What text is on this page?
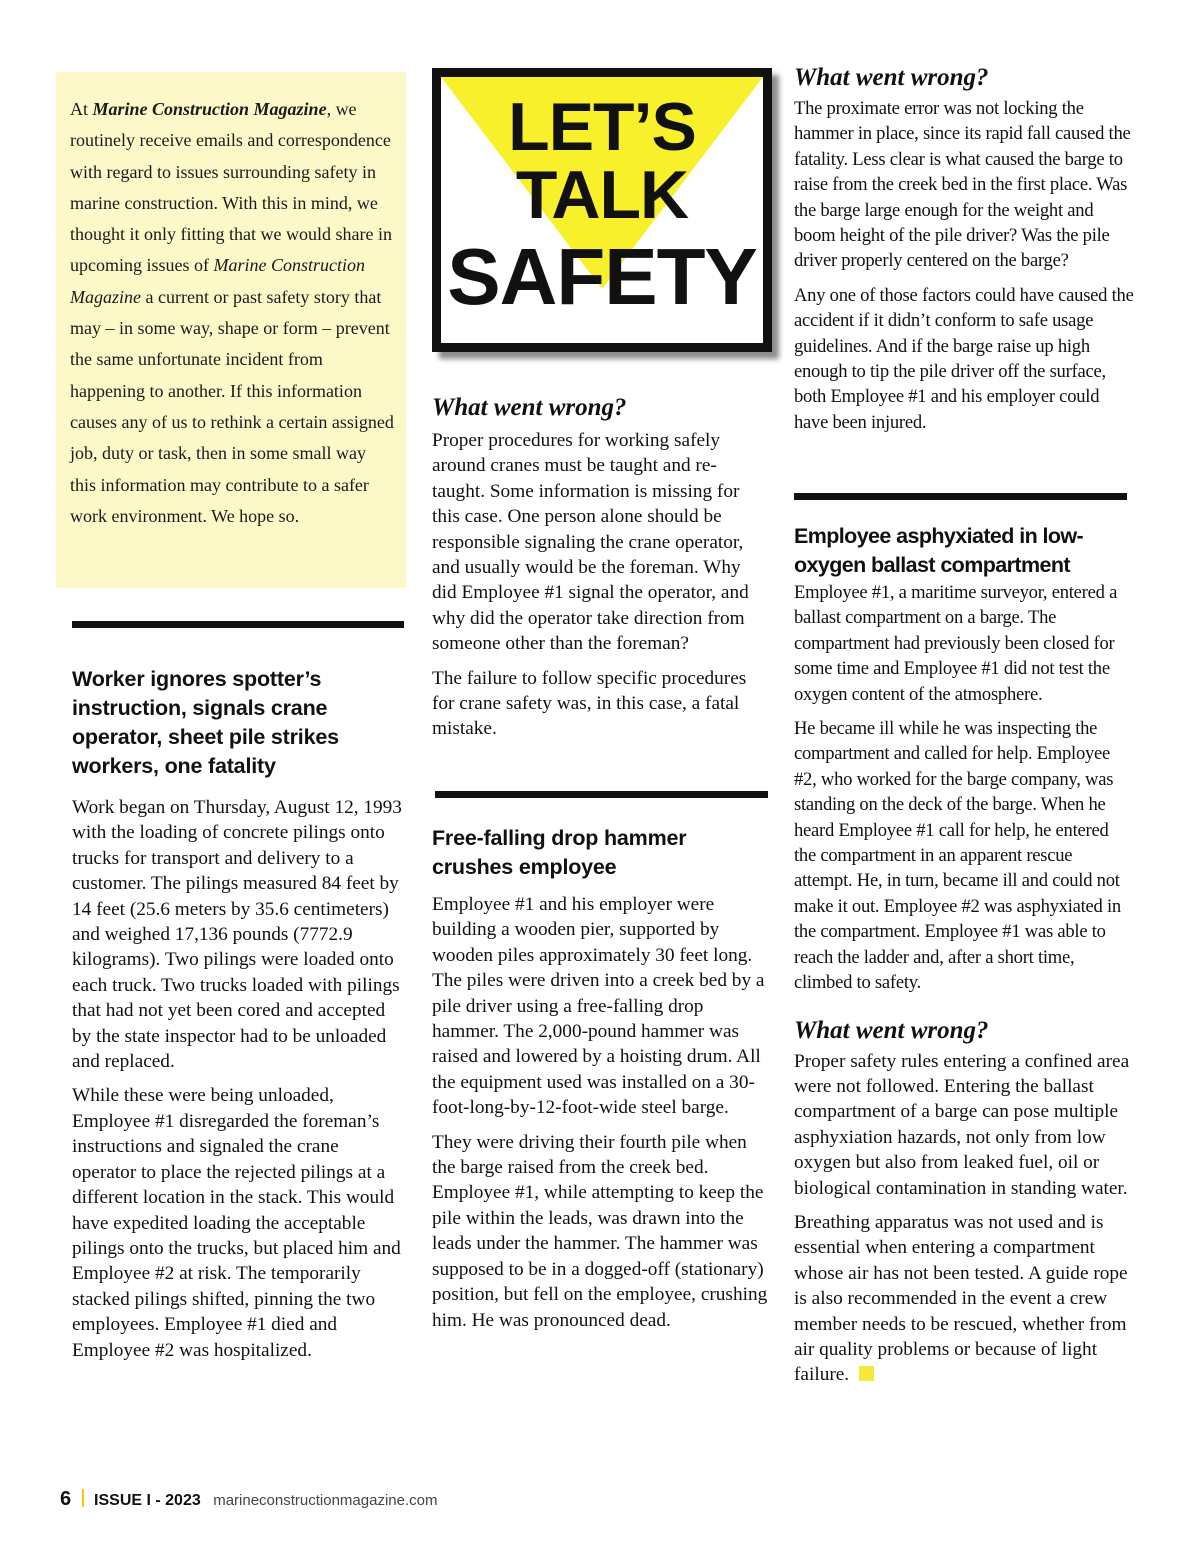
At Marine Construction Magazine, we routinely receive emails and correspondence with regard to issues surrounding safety in marine construction. With this in mind, we thought it only fitting that we would share in upcoming issues of Marine Construction Magazine a current or past safety story that may – in some way, shape or form – prevent the same unfortunate incident from happening to another. If this information causes any of us to rethink a certain assigned job, duty or task, then in some small way this information may contribute to a safer work environment. We hope so.

LET’S
TALK
SAFETY
Worker ignores spotter’s instruction, signals crane operator, sheet pile strikes workers, one fatality

Work began on Thursday, August 12, 1993 with the loading of concrete pilings onto trucks for transport and delivery to a customer. The pilings measured 84 feet by 14 feet (25.6 meters by 35.6 centimeters) and weighed 17,136 pounds (7772.9 kilograms). Two pilings were loaded onto each truck. Two trucks loaded with pilings that had not yet been cored and accepted by the state inspector had to be unloaded and replaced.

While these were being unloaded, Employee #1 disregarded the foreman’s instructions and signaled the crane operator to place the rejected pilings at a different location in the stack. This would have expedited loading the acceptable pilings onto the trucks, but placed him and Employee #2 at risk. The temporarily stacked pilings shifted, pinning the two employees. Employee #1 died and Employee #2 was hospitalized.

What went wrong?

Proper procedures for working safely around cranes must be taught and re-taught. Some information is missing for this case. One person alone should be responsible signaling the crane operator, and usually would be the foreman. Why did Employee #1 signal the operator, and why did the operator take direction from someone other than the foreman?

The failure to follow specific procedures for crane safety was, in this case, a fatal mistake.

Free-falling drop hammer crushes employee

Employee #1 and his employer were building a wooden pier, supported by wooden piles approximately 30 feet long. The piles were driven into a creek bed by a pile driver using a free-falling drop hammer. The 2,000-pound hammer was raised and lowered by a hoisting drum. All the equipment used was installed on a 30-foot-long-by-12-foot-wide steel barge.

They were driving their fourth pile when the barge raised from the creek bed. Employee #1, while attempting to keep the pile within the leads, was drawn into the leads under the hammer. The hammer was supposed to be in a dogged-off (stationary) position, but fell on the employee, crushing him. He was pronounced dead.

What went wrong?

The proximate error was not locking the hammer in place, since its rapid fall caused the fatality. Less clear is what caused the barge to raise from the creek bed in the first place. Was the barge large enough for the weight and boom height of the pile driver? Was the pile driver properly centered on the barge?

Any one of those factors could have caused the accident if it didn’t conform to safe usage guidelines. And if the barge raise up high enough to tip the pile driver off the surface, both Employee #1 and his employer could have been injured.

Employee asphyxiated in low-oxygen ballast compartment

Employee #1, a maritime surveyor, entered a ballast compartment on a barge. The compartment had previously been closed for some time and Employee #1 did not test the oxygen content of the atmosphere.

He became ill while he was inspecting the compartment and called for help. Employee #2, who worked for the barge company, was standing on the deck of the barge. When he heard Employee #1 call for help, he entered the compartment in an apparent rescue attempt. He, in turn, became ill and could not make it out. Employee #2 was asphyxiated in the compartment. Employee #1 was able to reach the ladder and, after a short time, climbed to safety.

What went wrong?

Proper safety rules entering a confined area were not followed. Entering the ballast compartment of a barge can pose multiple asphyxiation hazards, not only from low oxygen but also from leaked fuel, oil or biological contamination in standing water.

Breathing apparatus was not used and is essential when entering a compartment whose air has not been tested. A guide rope is also recommended in the event a crew member needs to be rescued, whether from air quality problems or because of light failure.

6 ISSUE I - 2023 marineconstructionmagazine.com
